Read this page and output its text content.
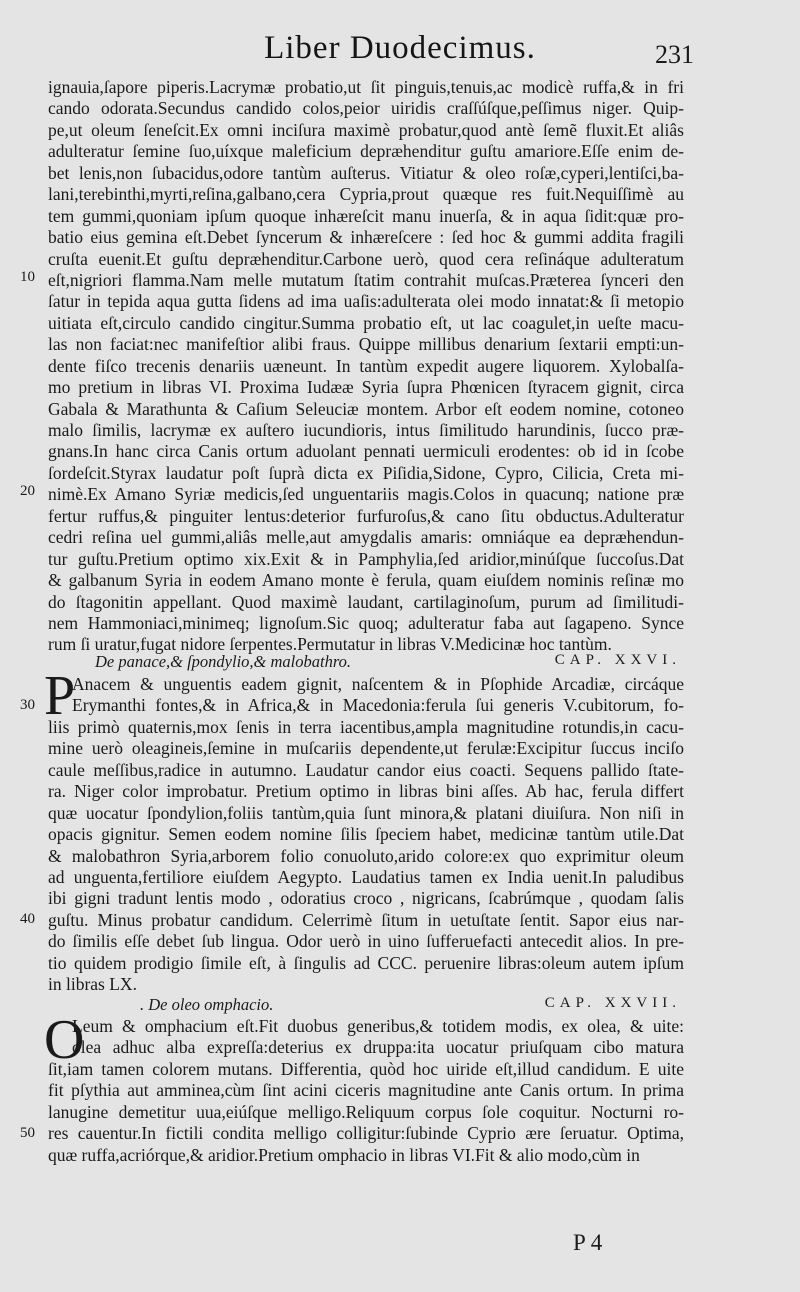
Liber Duodecimus.	231
ignauia,ſapore piperis.Lacrymæ probatio,ut ſit pinguis,tenuis,ac modicè ruffa,& in fri
cando odorata.Secundus candido colos,peior uiridis craſſúſque,peſſimus niger. Quip-
pe,ut oleum ſeneſcit.Ex omni inciſura maximè probatur,quod antè ſemẽ fluxit.Et aliâs
adulteratur ſemine ſuo,uíxque maleficium depræhenditur guſtu amariore.Eſſe enim de-
bet lenis,non ſubacidus,odore tantùm auſterus. Vitiatur & oleo roſæ,cyperi,lentiſci,ba-
lani,terebinthi,myrti,reſina,galbano,cera Cypria,prout quæque res fuit.Nequiſſimè au
tem gummi,quoniam ipſum quoque inhæreſcit manu inuerſa, & in aqua ſidit:quæ pro-
batio eius gemina eſt.Debet ſyncerum & inhæreſcere : ſed hoc & gummi addita fragili
cruſta euenit.Et guſtu depræhenditur.Carbone uerò, quod cera reſináque adulteratum
eſt,nigriori flamma.Nam melle mutatum ſtatim contrahit muſcas.Præterea ſynceri den
ſatur in tepida aqua gutta ſidens ad ima uaſis:adulterata olei modo innatat:& ſi metopio
uitiata eſt,circulo candido cingitur.Summa probatio eſt, ut lac coagulet,in ueſte macu-
las non faciat:nec manifeſtior alibi fraus. Quippe millibus denarium ſextarii empti:un-
dente fiſco trecenis denariis uæneunt. In tantùm expedit augere liquorem. Xylobalſa-
mo pretium in libras VI. Proxima Iudææ Syria ſupra Phœnicen ſtyracem gignit, circa
Gabala & Marathunta & Caſium Seleuciæ montem. Arbor eſt eodem nomine, cotoneo
malo ſimilis, lacrymæ ex auſtero iucundioris, intus ſimilitudo harundinis, ſucco præ-
gnans.In hanc circa Canis ortum aduolant pennati uermiculi erodentes: ob id in ſcobe
ſordeſcit.Styrax laudatur poſt ſuprà dicta ex Piſidia,Sidone, Cypro, Cilicia, Creta mi-
nimè.Ex Amano Syriæ medicis,ſed unguentariis magis.Colos in quacunq; natione præ
fertur ruffus,& pinguiter lentus:deterior furfuroſus,& cano ſitu obductus.Adulteratur
cedri reſina uel gummi,aliâs melle,aut amygdalis amaris: omniáque ea depræhendun-
tur guſtu.Pretium optimo xix.Exit & in Pamphylia,ſed aridior,minúſque ſuccoſus.Dat
& galbanum Syria in eodem Amano monte è ferula, quam eiuſdem nominis reſinæ mo
do ſtagonitin appellant. Quod maximè laudant, cartilaginoſum, purum ad ſimilitudi-
nem Hammoniaci,minimeq; lignoſum.Sic quoq; adulteratur faba aut ſagapeno. Synce
rum ſi uratur,fugat nidore ſerpentes.Permutatur in libras V.Medicinæ hoc tantùm.
De panace,& ſpondylio,& malobathro.	CAP. XXVI.
P
Anacem & unguentis eadem gignit, naſcentem & in Pſophide Arcadiæ, circáque
Erymanthi fontes,& in Africa,& in Macedonia:ferula ſui generis V.cubitorum, fo-
liis primò quaternis,mox ſenis in terra iacentibus,ampla magnitudine rotundis,in cacu-
mine uerò oleagineis,ſemine in muſcariis dependente,ut ferulæ:Excipitur ſuccus inciſo
caule meſſibus,radice in autumno. Laudatur candor eius coacti. Sequens pallido ſtate-
ra. Niger color improbatur. Pretium optimo in libras bini aſſes. Ab hac, ferula differt
quæ uocatur ſpondylion,foliis tantùm,quia ſunt minora,& platani diuiſura. Non niſi in
opacis gignitur. Semen eodem nomine ſilis ſpeciem habet, medicinæ tantùm utile.Dat
& malobathron Syria,arborem folio conuoluto,arido colore:ex quo exprimitur oleum
ad unguenta,fertiliore eiuſdem Aegypto. Laudatius tamen ex India uenit.In paludibus
ibi gigni tradunt lentis modo , odoratius croco , nigricans, ſcabrúmque , quodam ſalis
guſtu. Minus probatur candidum. Celerrimè ſitum in uetuſtate ſentit. Sapor eius nar-
do ſimilis eſſe debet ſub lingua. Odor uerò in uino ſufferuefacti antecedit alios. In pre-
tio quidem prodigio ſimile eſt, à ſingulis ad CCC. peruenire libras:oleum autem ipſum
in libras LX.
. De oleo omphacio.	CAP. XXVII.
O
Leum & omphacium eſt.Fit duobus generibus,& totidem modis, ex olea, & uite:
olea adhuc alba expreſſa:deterius ex druppa:ita uocatur priuſquam cibo matura
ſit,iam tamen colorem mutans. Differentia, quòd hoc uiride eſt,illud candidum. E uite
fit pſythia aut amminea,cùm ſint acini ciceris magnitudine ante Canis ortum. In prima
lanugine demetitur uua,eiúſque melligo.Reliquum corpus ſole coquitur. Nocturni ro-
res cauentur.In fictili condita melligo colligitur:ſubinde Cyprio ære ſeruatur. Optima,
quæ ruffa,acriórque,& aridior.Pretium omphacio in libras VI.Fit & alio modo,cùm in
10
20
30
40
50
P 4
